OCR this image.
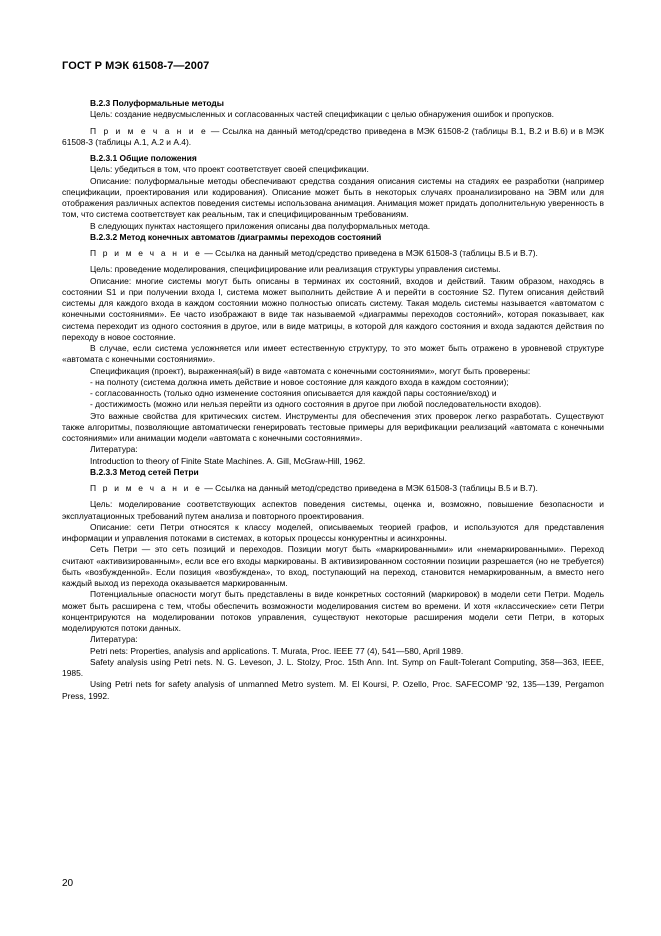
ГОСТ Р МЭК 61508-7—2007

В.2.3 Полуформальные методы

Цель: создание недвусмысленных и согласованных частей спецификации с целью обнаружения ошибок и пропусков.

П р и м е ч а н и е — Ссылка на данный метод/средство приведена в МЭК 61508-2 (таблицы В.1, В.2 и В.6) и в МЭК 61508-3 (таблицы А.1, А.2 и А.4).

В.2.3.1 Общие положения

Цель: убедиться в том, что проект соответствует своей спецификации.

Описание: полуформальные методы обеспечивают средства создания описания системы на стадиях ее разработки (например спецификации, проектирования или кодирования). Описание может быть в некоторых случаях проанализировано на ЭВМ или для отображения различных аспектов поведения системы использована анимация. Анимация может придать дополнительную уверенность в том, что система соответствует как реальным, так и специфицированным требованиям.

В следующих пунктах настоящего приложения описаны два полуформальных метода.

В.2.3.2 Метод конечных автоматов /диаграммы переходов состояний

П р и м е ч а н и е — Ссылка на данный метод/средство приведена в МЭК 61508-3 (таблицы В.5 и В.7).

Цель: проведение моделирования, специфицирование или реализация структуры управления системы.

Описание: многие системы могут быть описаны в терминах их состояний, входов и действий. Таким образом, находясь в состоянии S1 и при получении входа I, система может выполнить действие A и перейти в состояние S2. Путем описания действий системы для каждого входа в каждом состоянии можно полностью описать систему. Такая модель системы называется «автоматом с конечными состояниями». Ее часто изображают в виде так называемой «диаграммы переходов состояний», которая показывает, как система переходит из одного состояния в другое, или в виде матрицы, в которой для каждого состояния и входа задаются действия по переходу в новое состояние.

В случае, если система усложняется или имеет естественную структуру, то это может быть отражено в уровневой структуре «автомата с конечными состояниями».

Спецификация (проект), выраженная(ый) в виде «автомата с конечными состояниями», могут быть проверены:

- на полноту (система должна иметь действие и новое состояние для каждого входа в каждом состоянии);

- согласованность (только одно изменение состояния описывается для каждой пары состояние/вход) и

- достижимость (можно или нельзя перейти из одного состояния в другое при любой последовательности входов).

Это важные свойства для критических систем. Инструменты для обеспечения этих проверок легко разработать. Существуют также алгоритмы, позволяющие автоматически генерировать тестовые примеры для верификации реализаций «автомата с конечными состояниями» или анимации модели «автомата с конечными состояниями».

Литература:

Introduction to theory of Finite State Machines. A. Gill, McGraw-Hill, 1962.

В.2.3.3 Метод сетей Петри

П р и м е ч а н и е — Ссылка на данный метод/средство приведена в МЭК 61508-3 (таблицы В.5 и В.7).

Цель: моделирование соответствующих аспектов поведения системы, оценка и, возможно, повышение безопасности и эксплуатационных требований путем анализа и повторного проектирования.

Описание: сети Петри относятся к классу моделей, описываемых теорией графов, и используются для представления информации и управления потоками в системах, в которых процессы конкурентны и асинхронны.

Сеть Петри — это сеть позиций и переходов. Позиции могут быть «маркированными» или «немаркированными». Переход считают «активизированным», если все его входы маркированы. В активизированном состоянии позиции разрешается (но не требуется) быть «возбужденной». Если позиция «возбуждена», то вход, поступающий на переход, становится немаркированным, а вместо него каждый выход из перехода оказывается маркированным.

Потенциальные опасности могут быть представлены в виде конкретных состояний (маркировок) в модели сети Петри. Модель может быть расширена с тем, чтобы обеспечить возможности моделирования систем во времени. И хотя «классические» сети Петри концентрируются на моделировании потоков управления, существуют некоторые расширения модели сети Петри, в которых моделируются потоки данных.

Литература:

Petri nets: Properties, analysis and applications. T. Murata, Proc. IEEE 77 (4), 541—580, April 1989.

Safety analysis using Petri nets. N. G. Leveson, J. L. Stolzy, Proc. 15th Ann. Int. Symp on Fault-Tolerant Computing, 358—363, IEEE, 1985.

Using Petri nets for safety analysis of unmanned Metro system. M. El Koursi, P. Ozello, Proc. SAFECOMP '92, 135—139, Pergamon Press, 1992.

20
